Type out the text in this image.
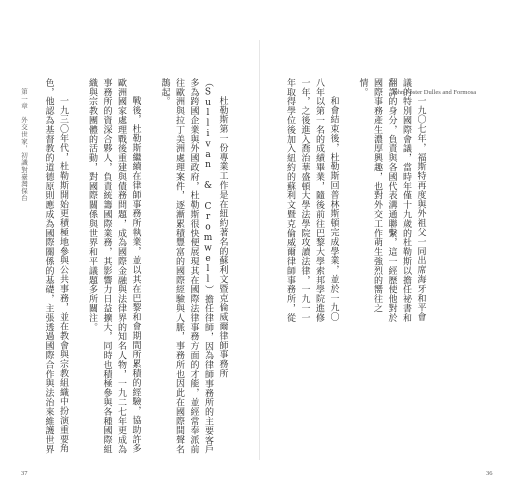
第一章　外交世家，初識對臺灣保台	杜勒斯第一份專業工作是在紐約著名的蘇利文暨克倫威爾律師事務所（Sullivan & Cromwell）擔任律師，因為律師事務所的主要客戶多為跨國企業與外國政府，杜勒斯很快便展現其在國際法律事務方面的才能，並經常奉派前往歐洲與拉丁美洲處理案件，逐漸累積豐富的國際經驗與人脈，事務所也因此在國際間聲名鵲起。

戰後，杜勒斯繼續在律師事務所執業，並以其在巴黎和會期間所累積的經驗，協助許多歐洲國家處理戰後重建與債務問題，成為國際金融與法律界的知名人物，一九二七年更成為事務所的資深合夥人，負責統籌國際業務，其影響力日益擴大，同時也積極參與各種國際組織與宗教團體的活動，對國際關係與世界和平議題多所關注。

一九三〇年代，杜勒斯開始更積極地參與公共事務，並在教會與宗教組織中扮演重要角色，他認為基督教的道德原則應成為國際關係的基礎，主張透過國際合作與法治來維護世界

37

一九〇七年，福斯特再度與外祖父一同出席海牙和平會議的特別國際會議，當時年僅十九歲的杜勒斯以擔任祕書和翻譯的身分，負責與各國代表溝通聯繫，這一經歷使他對於國際事務產生濃厚興趣，也對外交工作萌生強烈的嚮往之情。

和會結束後，杜勒斯回普林斯頓完成學業，並於一九〇八年以第一名的成績畢業，隨後前往巴黎大學索邦學院進修一年，之後進入喬治華盛頓大學法學院攻讀法律，一九一一年取得學位後加入紐約的蘇利文暨克倫威爾律師事務所，從

36
John Foster Dulles and Formosa
